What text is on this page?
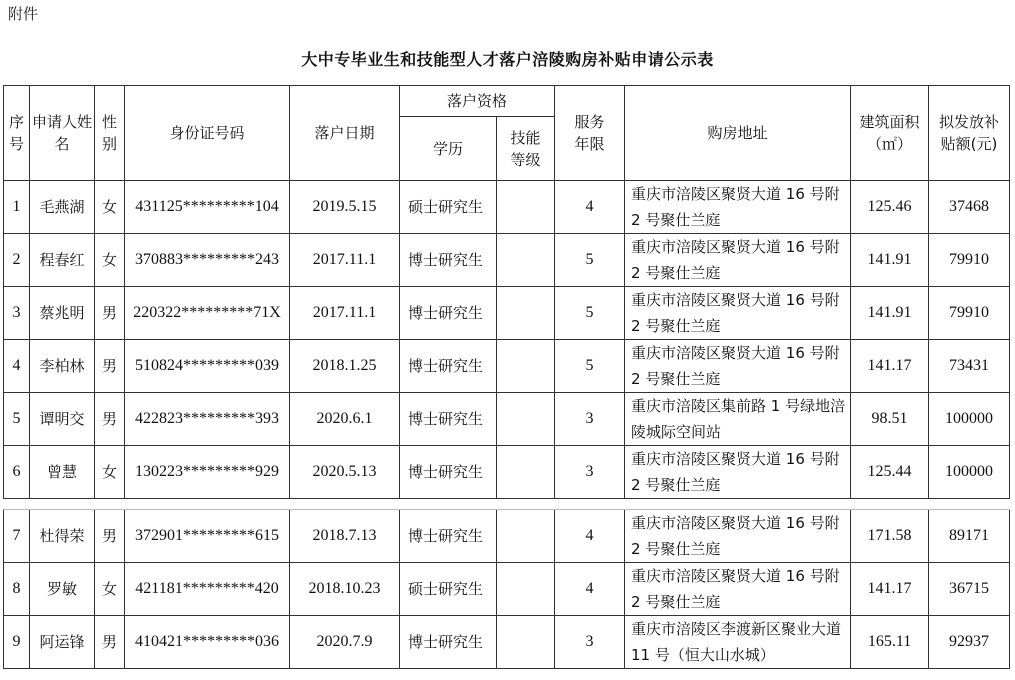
附件
大中专毕业生和技能型人才落户涪陵购房补贴申请公示表
序号	申请人姓名	性别	身份证号码	落户日期	落户资格		服务年限	购房地址	建筑面积（㎡）	拟发放补贴额(元)
					学历	技能等级				
1	毛燕湖	女	431125*********104	2019.5.15	硕士研究生		4	重庆市涪陵区聚贤大道 16 号附 2 号聚仕兰庭	125.46	37468
2	程春红	女	370883*********243	2017.11.1	博士研究生		5	重庆市涪陵区聚贤大道 16 号附 2 号聚仕兰庭	141.91	79910
3	蔡兆明	男	220322*********71X	2017.11.1	博士研究生		5	重庆市涪陵区聚贤大道 16 号附 2 号聚仕兰庭	141.91	79910
4	李柏林	男	510824*********039	2018.1.25	博士研究生		5	重庆市涪陵区聚贤大道 16 号附 2 号聚仕兰庭	141.17	73431
5	谭明交	男	422823*********393	2020.6.1	博士研究生		3	重庆市涪陵区集前路 1 号绿地涪陵城际空间站	98.51	100000
6	曾慧	女	130223*********929	2020.5.13	博士研究生		3	重庆市涪陵区聚贤大道 16 号附 2 号聚仕兰庭	125.44	100000

7	杜得荣	男	372901*********615	2018.7.13	博士研究生		4	重庆市涪陵区聚贤大道 16 号附 2 号聚仕兰庭	171.58	89171
8	罗敏	女	421181*********420	2018.10.23	硕士研究生		4	重庆市涪陵区聚贤大道 16 号附 2 号聚仕兰庭	141.17	36715
9	阿运锋	男	410421*********036	2020.7.9	博士研究生		3	重庆市涪陵区李渡新区聚业大道 11 号（恒大山水城）	165.11	92937
